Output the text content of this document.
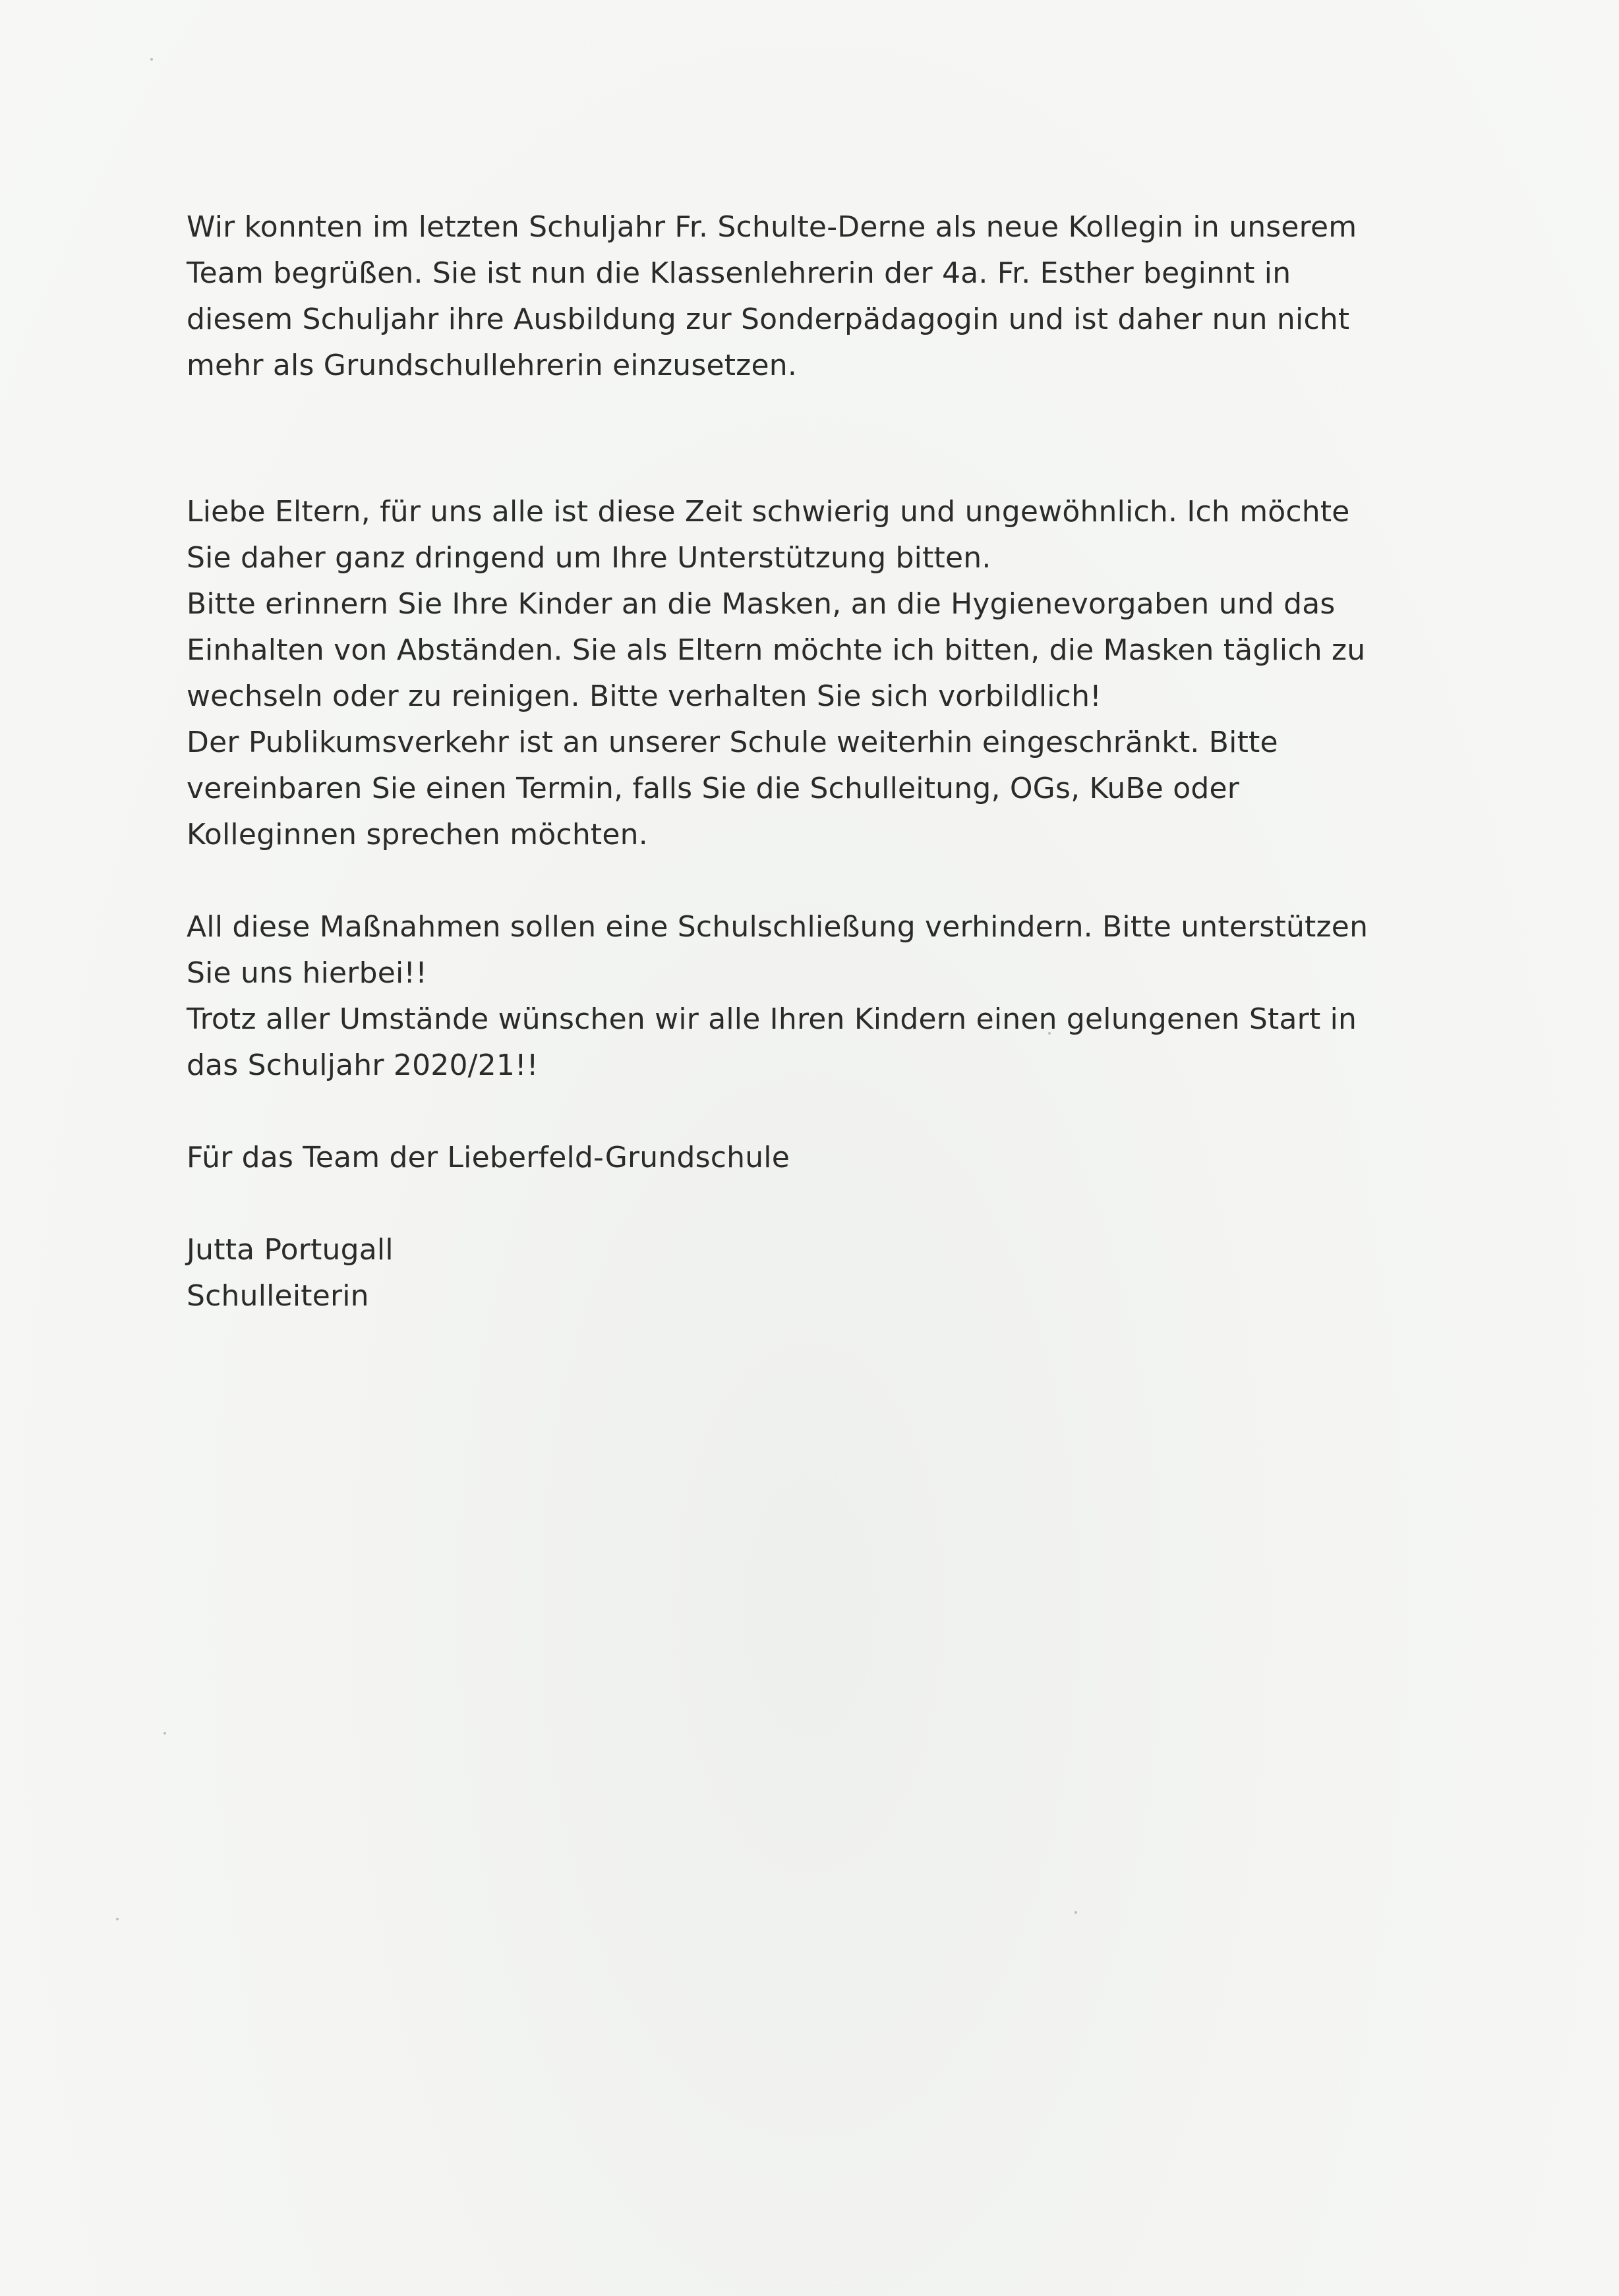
Wir konnten im letzten Schuljahr Fr. Schulte-Derne als neue Kollegin in unserem
Team begrüßen. Sie ist nun die Klassenlehrerin der 4a. Fr. Esther beginnt in
diesem Schuljahr ihre Ausbildung zur Sonderpädagogin und ist daher nun nicht
mehr als Grundschullehrerin einzusetzen.

Liebe Eltern, für uns alle ist diese Zeit schwierig und ungewöhnlich. Ich möchte
Sie daher ganz dringend um Ihre Unterstützung bitten.
Bitte erinnern Sie Ihre Kinder an die Masken, an die Hygienevorgaben und das
Einhalten von Abständen. Sie als Eltern möchte ich bitten, die Masken täglich zu
wechseln oder zu reinigen. Bitte verhalten Sie sich vorbildlich!
Der Publikumsverkehr ist an unserer Schule weiterhin eingeschränkt. Bitte
vereinbaren Sie einen Termin, falls Sie die Schulleitung, OGs, KuBe oder
Kolleginnen sprechen möchten.

All diese Maßnahmen sollen eine Schulschließung verhindern. Bitte unterstützen
Sie uns hierbei!!
Trotz aller Umstände wünschen wir alle Ihren Kindern einen gelungenen Start in
das Schuljahr 2020/21!!

Für das Team der Lieberfeld-Grundschule

Jutta Portugall
Schulleiterin
